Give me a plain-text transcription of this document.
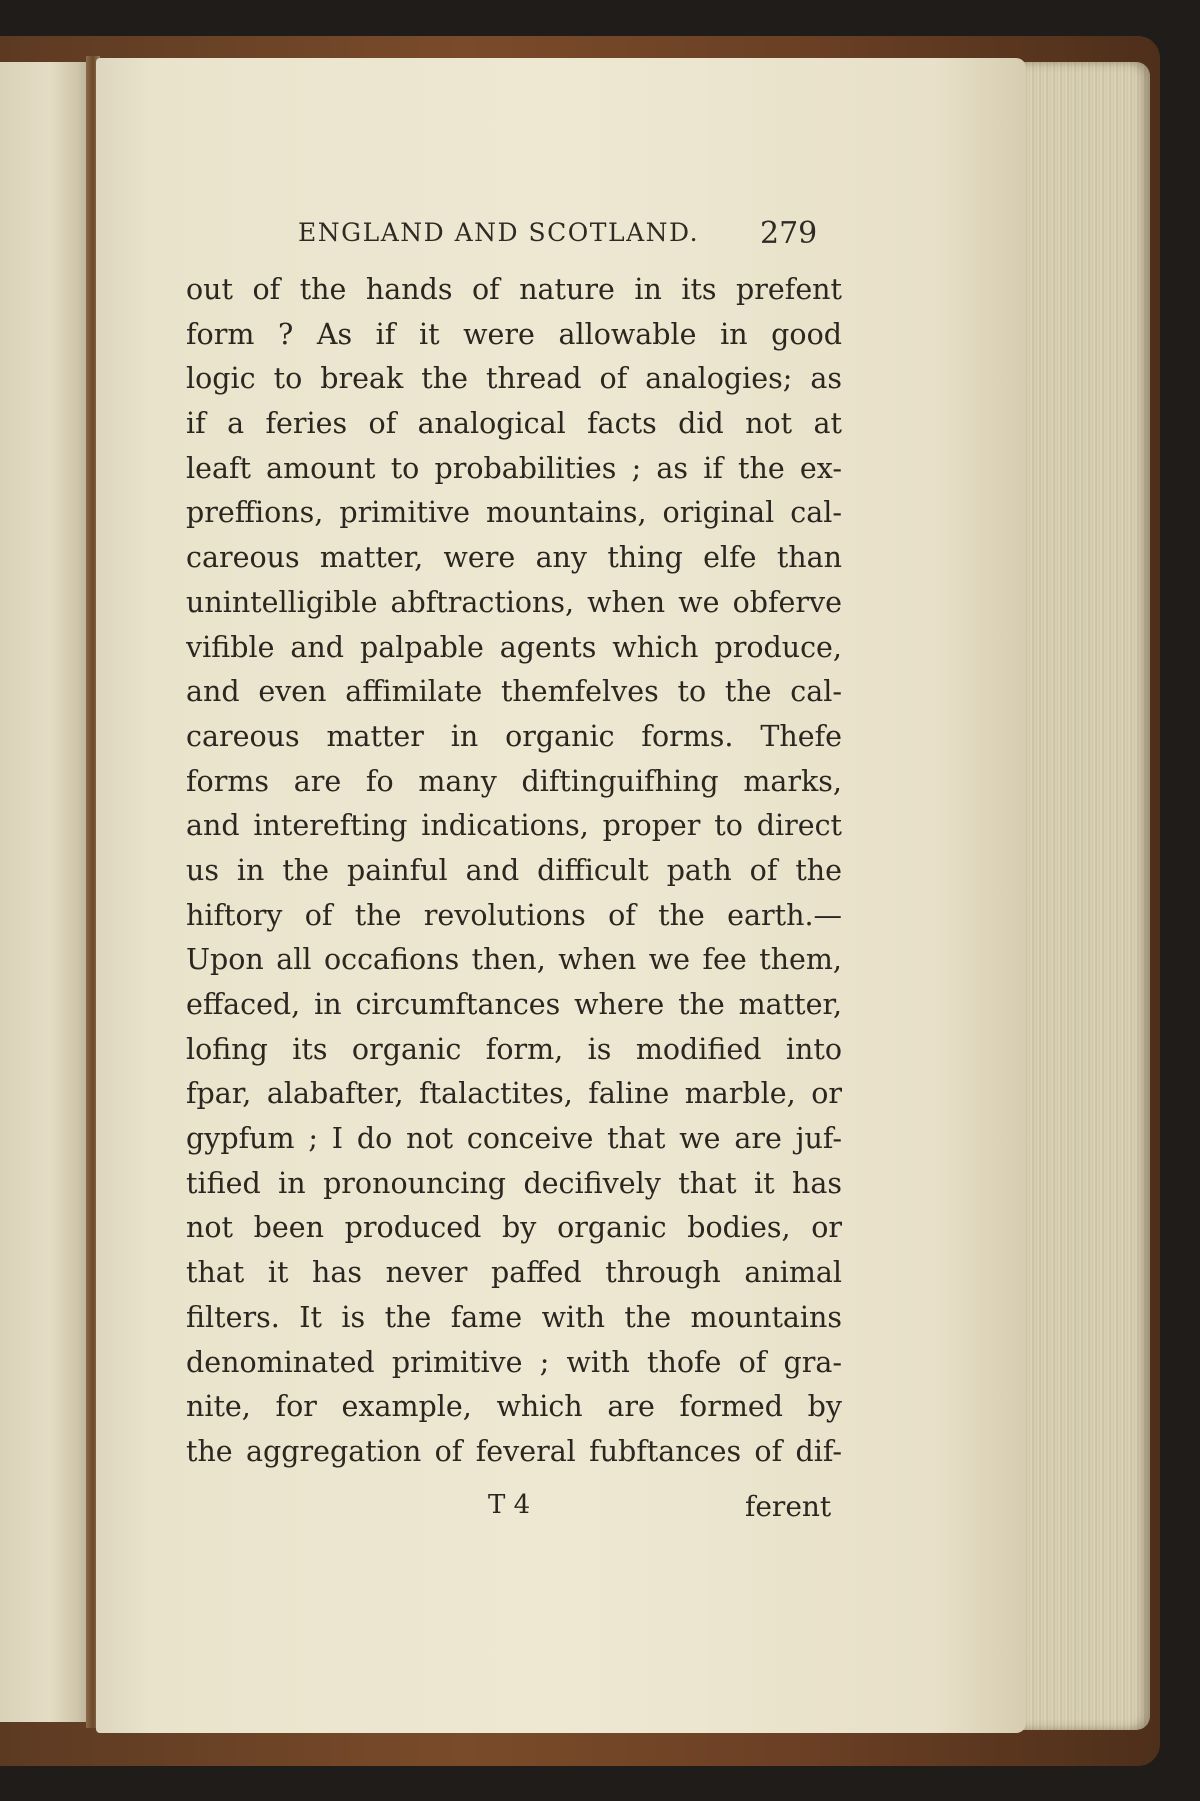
ENGLAND AND SCOTLAND. 279
out of the hands of nature in its prefent
form ? As if it were allowable in good
logic to break the thread of analogies; as
if a feries of analogical facts did not at
leaft amount to probabilities ; as if the ex-
preffions, primitive mountains, original cal-
careous matter, were any thing elfe than
unintelligible abftractions, when we obferve
vifible and palpable agents which produce,
and even affimilate themfelves to the cal-
careous matter in organic forms. Thefe
forms are fo many diftinguifhing marks,
and interefting indications, proper to direct
us in the painful and difficult path of the
hiftory of the revolutions of the earth.—
Upon all occafions then, when we fee them,
effaced, in circumftances where the matter,
lofing its organic form, is modified into
fpar, alabafter, ftalactites, faline marble, or
gypfum ; I do not conceive that we are juf-
tified in pronouncing decifively that it has
not been produced by organic bodies, or
that it has never paffed through animal
filters. It is the fame with the mountains
denominated primitive ; with thofe of gra-
nite, for example, which are formed by
the aggregation of feveral fubftances of dif-
T 4	ferent
